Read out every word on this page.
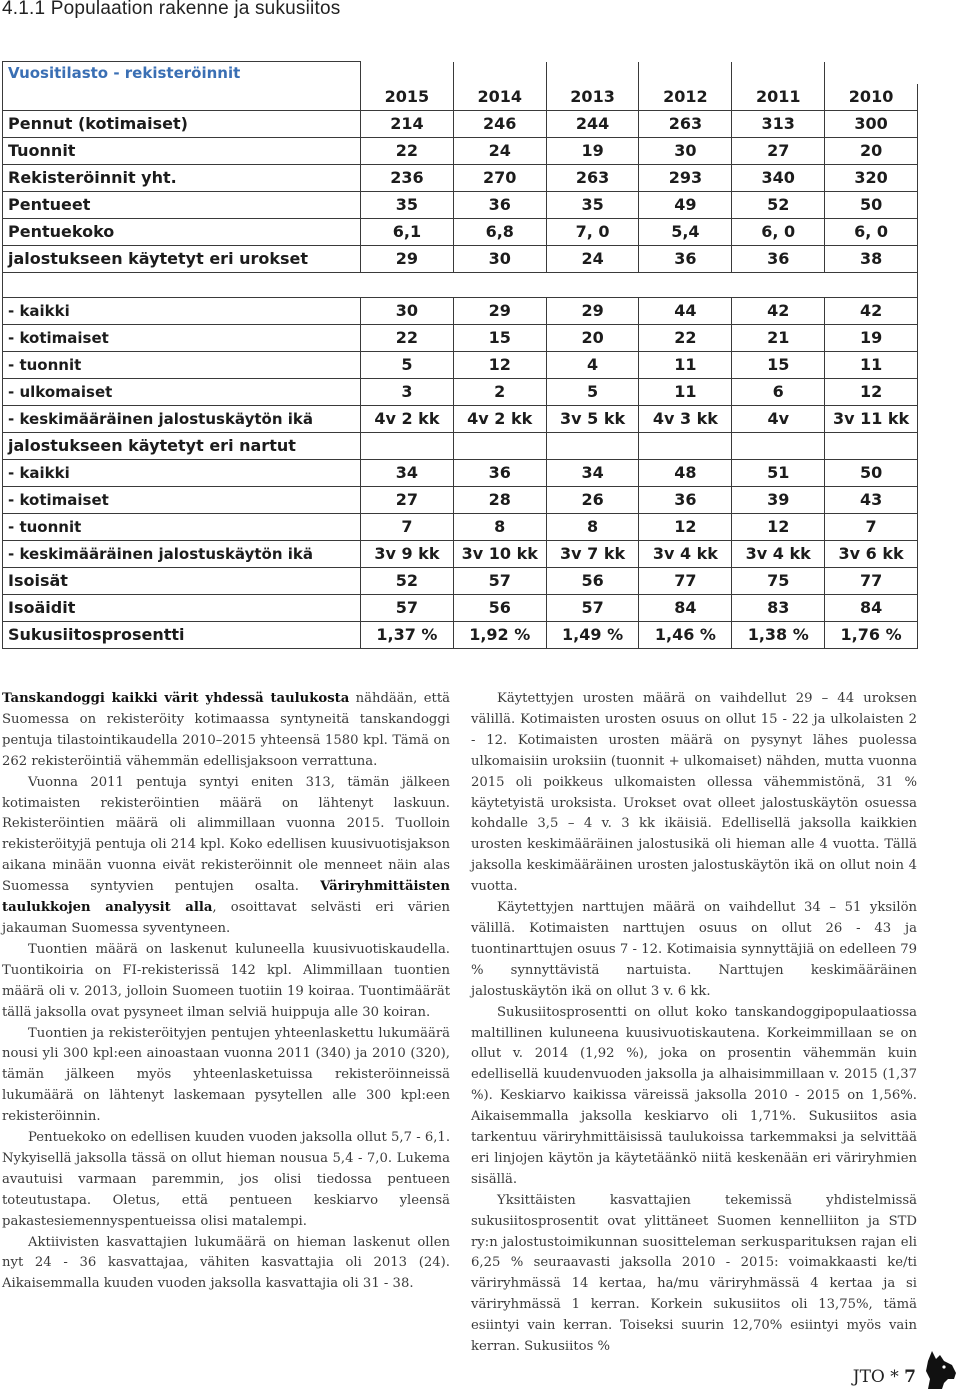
4.1.1 Populaation rakenne ja sukusiitos
Vuositilasto - rekisteröinnit						
	2015	2014	2013	2012	2011	2010
Pennut (kotimaiset)	214	246	244	263	313	300
Tuonnit	22	24	19	30	27	20
Rekisteröinnit yht.	236	270	263	293	340	320
Pentueet	35	36	35	49	52	50
Pentuekoko	6,1	6,8	7, 0	5,4	6, 0	6, 0
jalostukseen käytetyt eri urokset	29	30	24	36	36	38

- kaikki	30	29	29	44	42	42
- kotimaiset	22	15	20	22	21	19
- tuonnit	5	12	4	11	15	11
- ulkomaiset	3	2	5	11	6	12
- keskimääräinen jalostuskäytön ikä	4v 2 kk	4v 2 kk	3v 5 kk	4v 3 kk	4v	3v 11 kk
jalostukseen käytetyt eri nartut						
- kaikki	34	36	34	48	51	50
- kotimaiset	27	28	26	36	39	43
- tuonnit	7	8	8	12	12	7
- keskimääräinen jalostuskäytön ikä	3v 9 kk	3v 10 kk	3v 7 kk	3v 4 kk	3v 4 kk	3v 6 kk
Isoisät	52	57	56	77	75	77
Isoäidit	57	56	57	84	83	84
Sukusiitosprosentti	1,37 %	1,92 %	1,49 %	1,46 %	1,38 %	1,76 %

Tanskandoggi kaikki värit yhdessä taulukosta nähdään, että Suomessa on rekisteröity kotimaassa syntyneitä tanskandoggi pentuja tilastointikaudella 2010–2015 yhteensä 1580 kpl. Tämä on 262 rekisteröintiä vähemmän edellisjaksoon verrattuna.

Vuonna 2011 pentuja syntyi eniten 313, tämän jälkeen kotimaisten rekisteröintien määrä on lähtenyt laskuun. Rekisteröintien määrä oli alimmillaan vuonna 2015. Tuolloin rekisteröityjä pentuja oli 214 kpl. Koko edellisen kuusivuotisjakson aikana minään vuonna eivät rekisteröinnit ole menneet näin alas Suomessa syntyvien pentujen osalta. Väriryhmittäisten taulukkojen analyysit alla, osoittavat selvästi eri värien jakauman Suomessa syventyneen.

Tuontien määrä on laskenut kuluneella kuusivuotiskaudella. Tuontikoiria on FI-rekisterissä 142 kpl. Alimmillaan tuontien määrä oli v. 2013, jolloin Suomeen tuotiin 19 koiraa. Tuontimäärät tällä jaksolla ovat pysyneet ilman selviä huippuja alle 30 koiran.

Tuontien ja rekisteröityjen pentujen yhteenlaskettu lukumäärä nousi yli 300 kpl:een ainoastaan vuonna 2011 (340) ja 2010 (320), tämän jälkeen myös yhteenlasketuissa rekisteröinneissä lukumäärä on lähtenyt laskemaan pysytellen alle 300 kpl:een rekisteröinnin.

Pentuekoko on edellisen kuuden vuoden jaksolla ollut 5,7 - 6,1. Nykyisellä jaksolla tässä on ollut hieman nousua 5,4 - 7,0. Lukema avautuisi varmaan paremmin, jos olisi tiedossa pentueen toteutustapa. Oletus, että pentueen keskiarvo yleensä pakastesiemennyspentueissa olisi matalempi.

Aktiivisten kasvattajien lukumäärä on hieman laskenut ollen nyt 24 - 36 kasvattajaa, vähiten kasvattajia oli 2013 (24). Aikaisemmalla kuuden vuoden jaksolla kasvattajia oli 31 - 38.

Käytettyjen urosten määrä on vaihdellut 29 – 44 uroksen välillä. Kotimaisten urosten osuus on ollut 15 - 22 ja ulkolaisten 2 - 12. Kotimaisten urosten määrä on pysynyt lähes puolessa ulkomaisiin uroksiin (tuonnit + ulkomaiset) nähden, mutta vuonna 2015 oli poikkeus ulkomaisten ollessa vähemmistönä, 31 % käytetyistä uroksista. Urokset ovat olleet jalostuskäytön osuessa kohdalle 3,5 – 4 v. 3 kk ikäisiä. Edellisellä jaksolla kaikkien urosten keskimääräinen jalostusikä oli hieman alle 4 vuotta. Tällä jaksolla keskimääräinen urosten jalostuskäytön ikä on ollut noin 4 vuotta.

Käytettyjen narttujen määrä on vaihdellut 34 – 51 yksilön välillä. Kotimaisten narttujen osuus on ollut 26 - 43 ja tuontinarttujen osuus 7 - 12. Kotimaisia synnyttäjiä on edelleen 79 % synnyttävistä nartuista. Narttujen keskimääräinen jalostuskäytön ikä on ollut 3 v. 6 kk.

Sukusiitosprosentti on ollut koko tanskandoggipopulaatiossa maltillinen kuluneena kuusivuotiskautena. Korkeimmillaan se on ollut v. 2014 (1,92 %), joka on prosentin vähemmän kuin edellisellä kuudenvuoden jaksolla ja alhaisimmillaan v. 2015 (1,37 %). Keskiarvo kaikissa väreissä jaksolla 2010 - 2015 on 1,56%. Aikaisemmalla jaksolla keskiarvo oli 1,71%. Sukusiitos asia tarkentuu väriryhmittäisissä taulukoissa tarkemmaksi ja selvittää eri linjojen käytön ja käytetäänkö niitä keskenään eri väriryhmien sisällä.

Yksittäisten kasvattajien tekemissä yhdistelmissä sukusiitosprosentit ovat ylittäneet Suomen kennelliiton ja STD ry:n jalostustoimikunnan suositteleman serkusparituksen rajan eli 6,25 % seuraavasti jaksolla 2010 - 2015: voimakkaasti ke/ti väriryhmässä 14 kertaa, ha/mu väriryhmässä 4 kertaa ja si väriryhmässä 1 kerran. Korkein sukusiitos oli 13,75%, tämä esiintyi vain kerran. Toiseksi suurin 12,70% esiintyi myös vain kerran. Sukusiitos %

JTO * 7
